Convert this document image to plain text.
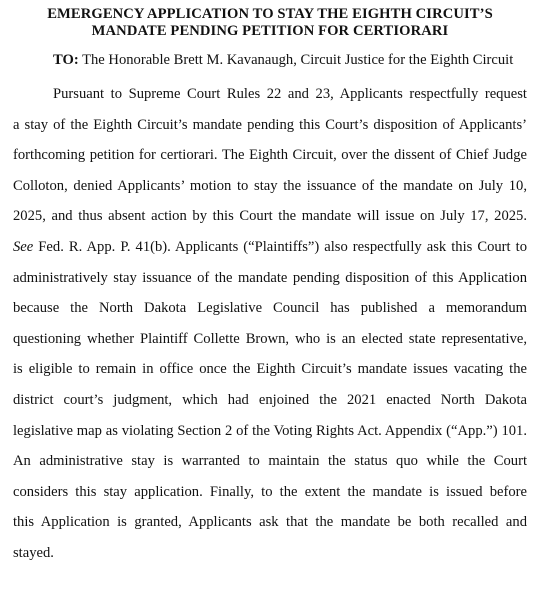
EMERGENCY APPLICATION TO STAY THE EIGHTH CIRCUIT’S
MANDATE PENDING PETITION FOR CERTIORARI

TO: The Honorable Brett M. Kavanaugh, Circuit Justice for the Eighth Circuit

Pursuant to Supreme Court Rules 22 and 23, Applicants respectfully request
a stay of the Eighth Circuit’s mandate pending this Court’s disposition of Applicants’
forthcoming petition for certiorari. The Eighth Circuit, over the dissent of Chief Judge
Colloton, denied Applicants’ motion to stay the issuance of the mandate on July 10,
2025, and thus absent action by this Court the mandate will issue on July 17, 2025.
See Fed. R. App. P. 41(b). Applicants (“Plaintiffs”) also respectfully ask this Court to
administratively stay issuance of the mandate pending disposition of this Application
because the North Dakota Legislative Council has published a memorandum
questioning whether Plaintiff Collette Brown, who is an elected state representative,
is eligible to remain in office once the Eighth Circuit’s mandate issues vacating the
district court’s judgment, which had enjoined the 2021 enacted North Dakota
legislative map as violating Section 2 of the Voting Rights Act. Appendix (“App.”) 101.
An administrative stay is warranted to maintain the status quo while the Court
considers this stay application. Finally, to the extent the mandate is issued before
this Application is granted, Applicants ask that the mandate be both recalled and
stayed.
